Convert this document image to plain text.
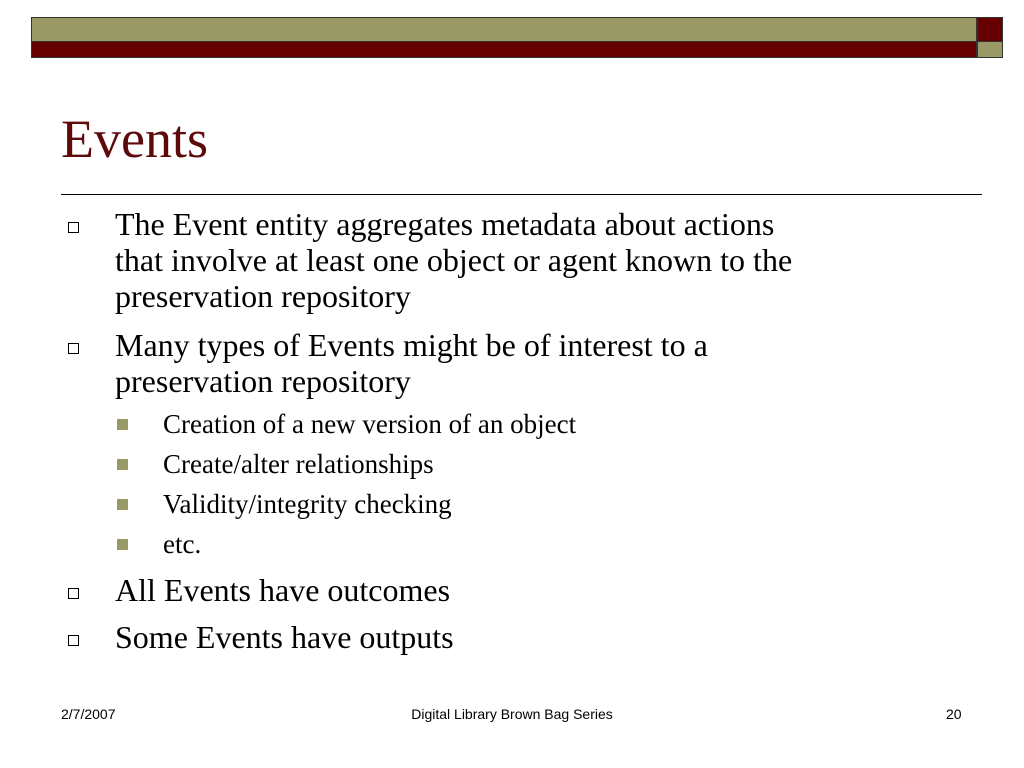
Events
The Event entity aggregates metadata about actions
that involve at least one object or agent known to the
preservation repository
Many types of Events might be of interest to a
preservation repository
Creation of a new version of an object
Create/alter relationships
Validity/integrity checking
etc.
All Events have outcomes
Some Events have outputs
2/7/2007	Digital Library Brown Bag Series	20
